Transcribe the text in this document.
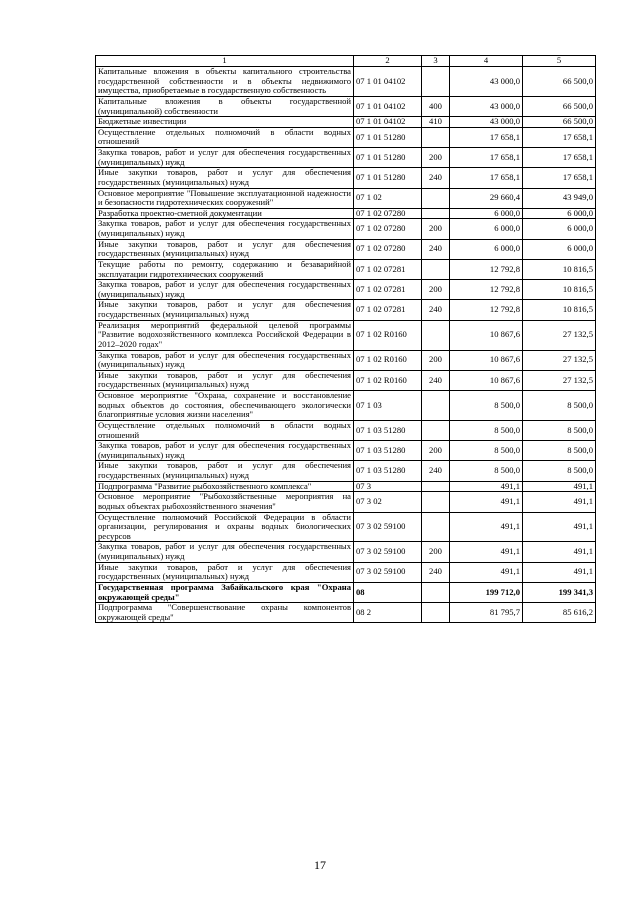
1	2	3	4	5
Капитальные вложения в объекты капитального строительства государственной собственности и в объекты недвижимого имущества, приобретаемые в государственную собственность	07 1 01 04102		43 000,0	66 500,0
Капитальные вложения в объекты государственной (муниципальной) собственности	07 1 01 04102	400	43 000,0	66 500,0
Бюджетные инвестиции	07 1 01 04102	410	43 000,0	66 500,0
Осуществление отдельных полномочий в области водных отношений	07 1 01 51280		17 658,1	17 658,1
Закупка товаров, работ и услуг для обеспечения государственных (муниципальных) нужд	07 1 01 51280	200	17 658,1	17 658,1
Иные закупки товаров, работ и услуг для обеспечения государственных (муниципальных) нужд	07 1 01 51280	240	17 658,1	17 658,1
Основное мероприятие "Повышение эксплуатационной надежности и безопасности гидротехнических сооружений"	07 1 02		29 660,4	43 949,0
Разработка проектно-сметной документации	07 1 02 07280		6 000,0	6 000,0
Закупка товаров, работ и услуг для обеспечения государственных (муниципальных) нужд	07 1 02 07280	200	6 000,0	6 000,0
Иные закупки товаров, работ и услуг для обеспечения государственных (муниципальных) нужд	07 1 02 07280	240	6 000,0	6 000,0
Текущие работы по ремонту, содержанию и безаварийной эксплуатации гидротехнических сооружений	07 1 02 07281		12 792,8	10 816,5
Закупка товаров, работ и услуг для обеспечения государственных (муниципальных) нужд	07 1 02 07281	200	12 792,8	10 816,5
Иные закупки товаров, работ и услуг для обеспечения государственных (муниципальных) нужд	07 1 02 07281	240	12 792,8	10 816,5
Реализация мероприятий федеральной целевой программы "Развитие водохозяйственного комплекса Российской Федерации в 2012–2020 годах"	07 1 02 R0160		10 867,6	27 132,5
Закупка товаров, работ и услуг для обеспечения государственных (муниципальных) нужд	07 1 02 R0160	200	10 867,6	27 132,5
Иные закупки товаров, работ и услуг для обеспечения государственных (муниципальных) нужд	07 1 02 R0160	240	10 867,6	27 132,5
Основное мероприятие "Охрана, сохранение и восстановление водных объектов до состояния, обеспечивающего экологически благоприятные условия жизни населения"	07 1 03		8 500,0	8 500,0
Осуществление отдельных полномочий в области водных отношений	07 1 03 51280		8 500,0	8 500,0
Закупка товаров, работ и услуг для обеспечения государственных (муниципальных) нужд	07 1 03 51280	200	8 500,0	8 500,0
Иные закупки товаров, работ и услуг для обеспечения государственных (муниципальных) нужд	07 1 03 51280	240	8 500,0	8 500,0
Подпрограмма "Развитие рыбохозяйственного комплекса"	07 3		491,1	491,1
Основное мероприятие "Рыбохозяйственные мероприятия на водных объектах рыбохозяйственного значения"	07 3 02		491,1	491,1
Осуществление полномочий Российской Федерации в области организации, регулирования и охраны водных биологических ресурсов	07 3 02 59100		491,1	491,1
Закупка товаров, работ и услуг для обеспечения государственных (муниципальных) нужд	07 3 02 59100	200	491,1	491,1
Иные закупки товаров, работ и услуг для обеспечения государственных (муниципальных) нужд	07 3 02 59100	240	491,1	491,1
Государственная программа Забайкальского края "Охрана окружающей среды"	08		199 712,0	199 341,3
Подпрограмма "Совершенствование охраны компонентов окружающей среды"	08 2		81 795,7	85 616,2
17
